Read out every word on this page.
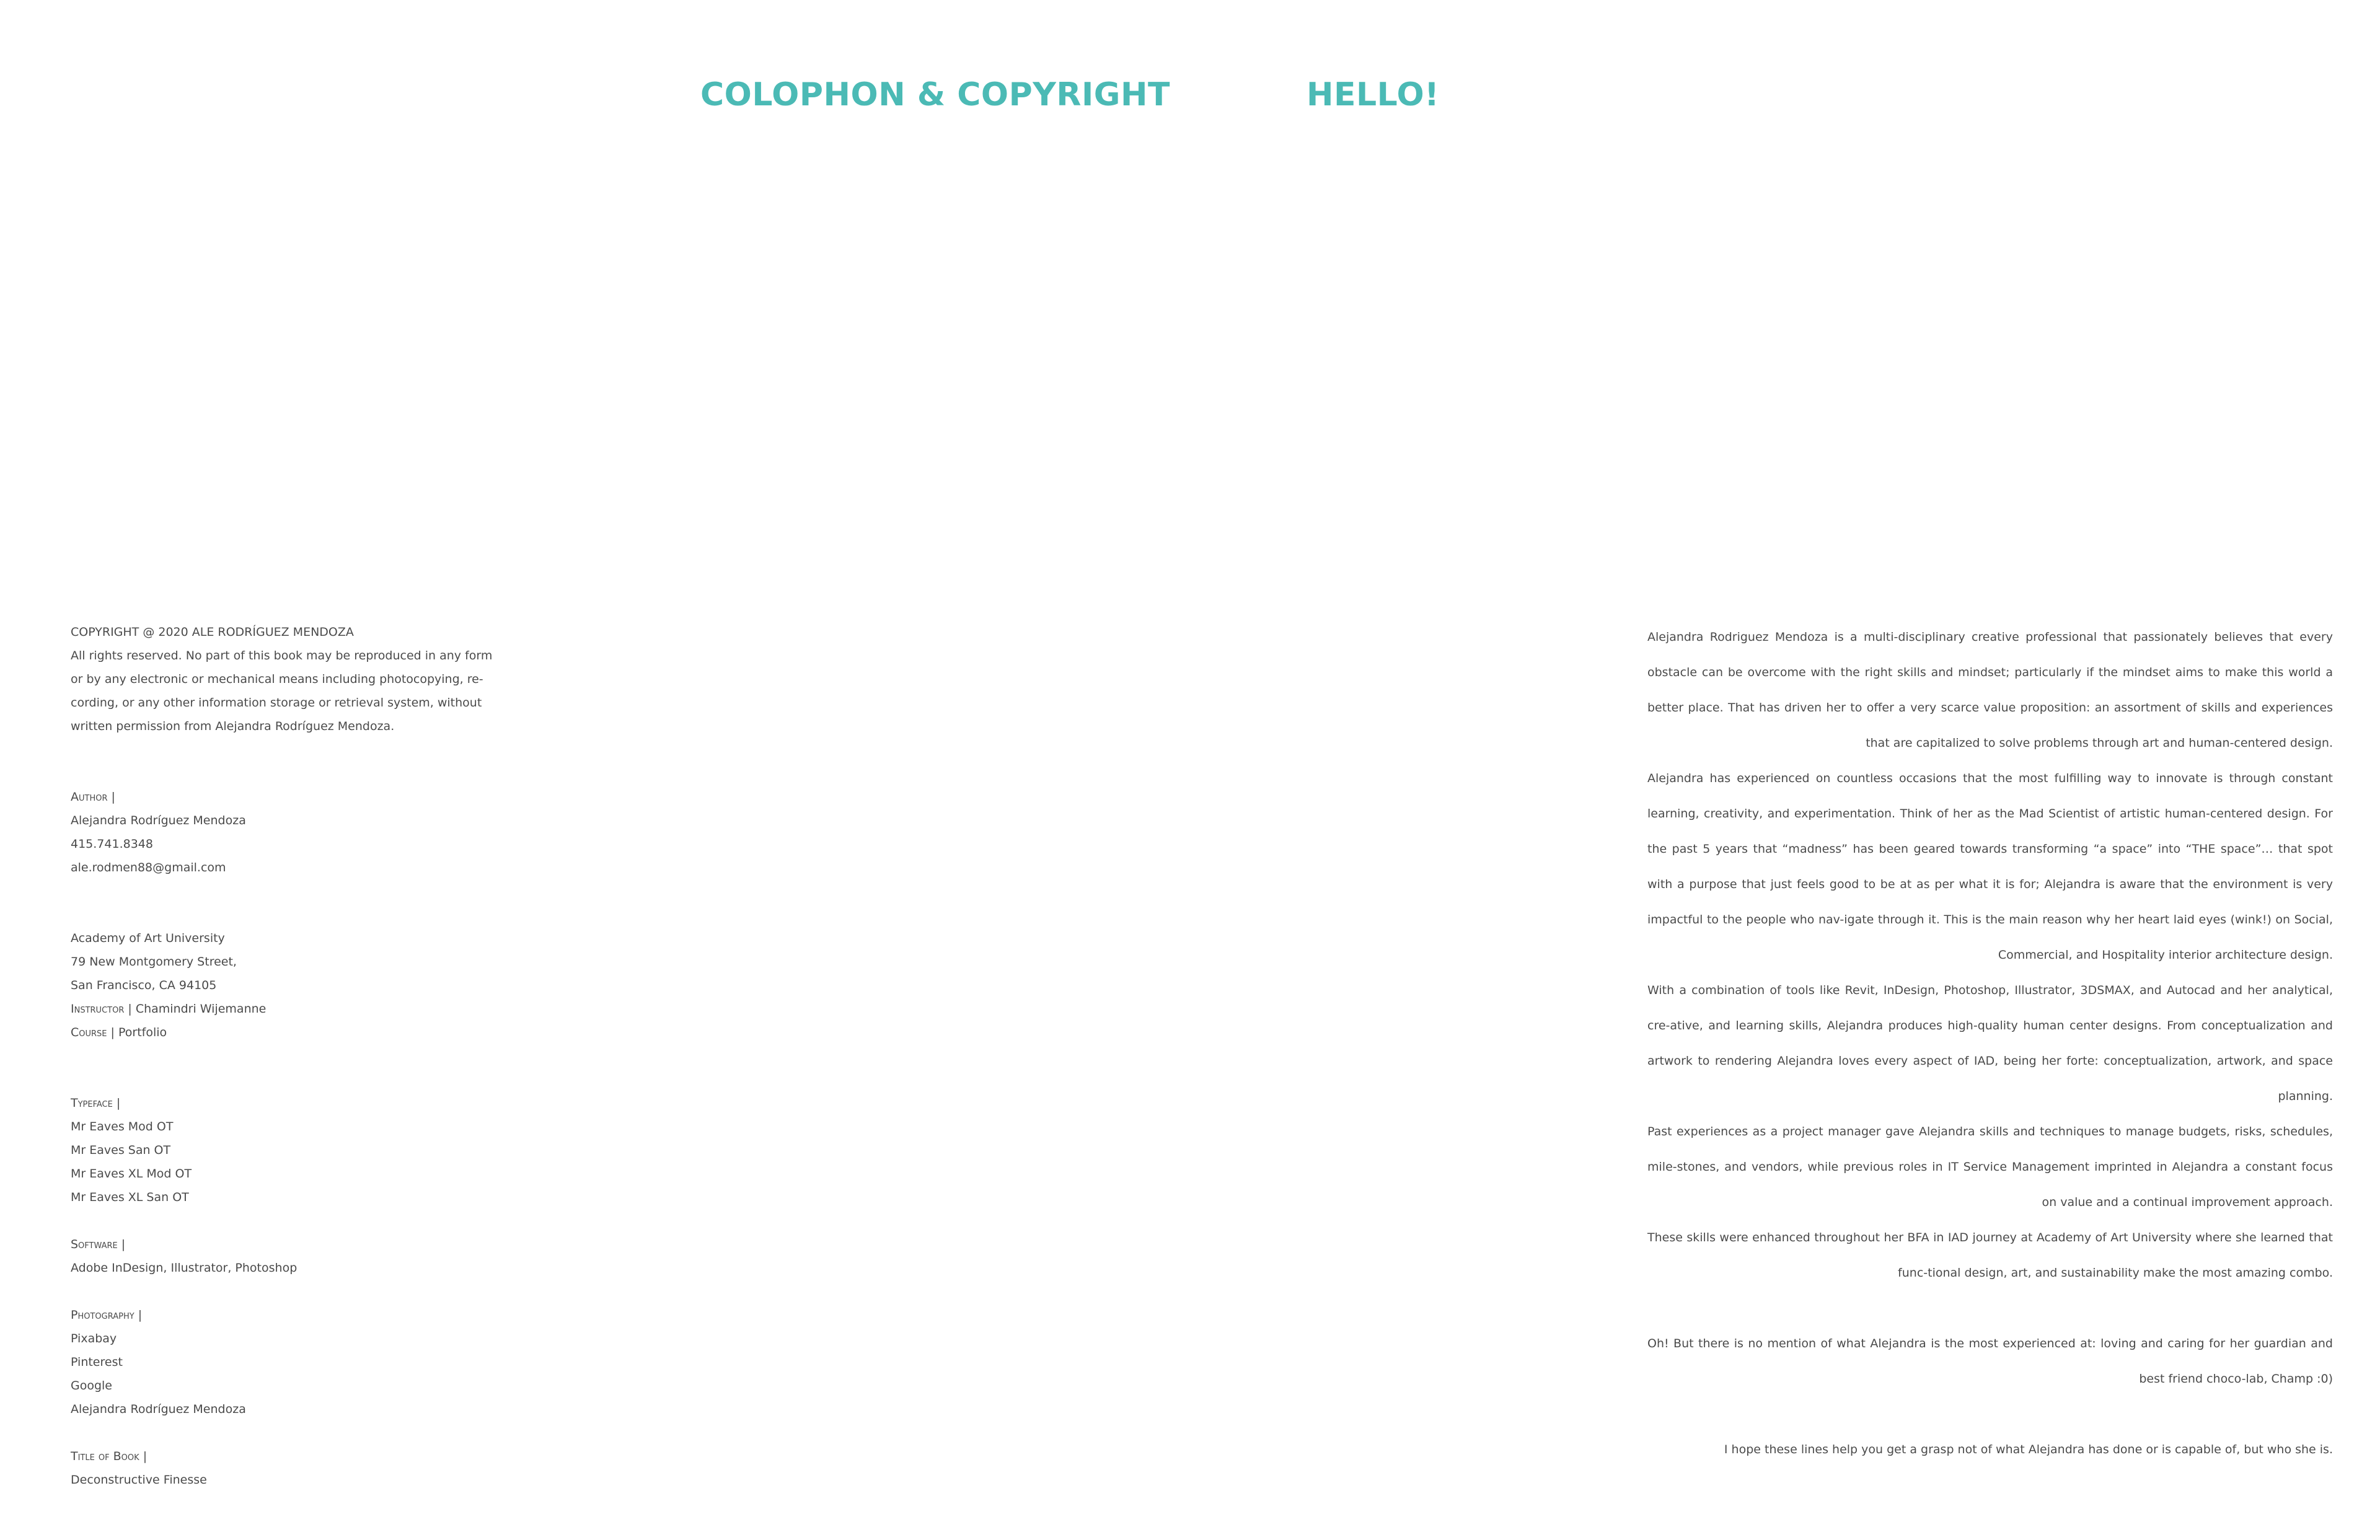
COLOPHON & COPYRIGHT	HELLO!
COPYRIGHT @ 2020 ALE RODRÍGUEZ MENDOZA
All rights reserved. No part of this book may be reproduced in any form
or by any electronic or mechanical means including photocopying, re-
cording, or any other information storage or retrieval system, without
written permission from Alejandra Rodríguez Mendoza.
Author |
Alejandra Rodríguez Mendoza
415.741.8348
ale.rodmen88@gmail.com
Academy of Art University
79 New Montgomery Street,
San Francisco, CA 94105
Instructor | Chamindri Wijemanne
Course | Portfolio
Typeface |
Mr Eaves Mod OT
Mr Eaves San OT
Mr Eaves XL Mod OT
Mr Eaves XL San OT
Software |
Adobe InDesign, Illustrator, Photoshop
Photography |
Pixabay
Pinterest
Google
Alejandra Rodríguez Mendoza
Title of Book |
Deconstructive Finesse

Alejandra Rodriguez Mendoza is a multi-disciplinary creative professional that passionately believes that every obstacle can be overcome with the right skills and mindset; particularly if the mindset aims to make this world a better place. That has driven her to offer a very scarce value proposition: an assortment of skills and experiences that are capitalized to solve problems through art and human-centered design.

Alejandra has experienced on countless occasions that the most fulfilling way to innovate is through constant learning, creativity, and experimentation. Think of her as the Mad Scientist of artistic human-centered design. For the past 5 years that “madness” has been geared towards transforming “a space” into “THE space”… that spot with a purpose that just feels good to be at as per what it is for; Alejandra is aware that the environment is very impactful to the people who nav-igate through it. This is the main reason why her heart laid eyes (wink!) on Social, Commercial, and Hospitality interior architecture design.

With a combination of tools like Revit, InDesign, Photoshop, Illustrator, 3DSMAX, and Autocad and her analytical, cre-ative, and learning skills, Alejandra produces high-quality human center designs. From conceptualization and artwork to rendering Alejandra loves every aspect of IAD, being her forte: conceptualization, artwork, and space planning.

Past experiences as a project manager gave Alejandra skills and techniques to manage budgets, risks, schedules, mile-stones, and vendors, while previous roles in IT Service Management imprinted in Alejandra a constant focus on value and a continual improvement approach.

These skills were enhanced throughout her BFA in IAD journey at Academy of Art University where she learned that func-tional design, art, and sustainability make the most amazing combo.

Oh! But there is no mention of what Alejandra is the most experienced at: loving and caring for her guardian and best friend choco-lab, Champ :0)

I hope these lines help you get a grasp not of what Alejandra has done or is capable of, but who she is.
